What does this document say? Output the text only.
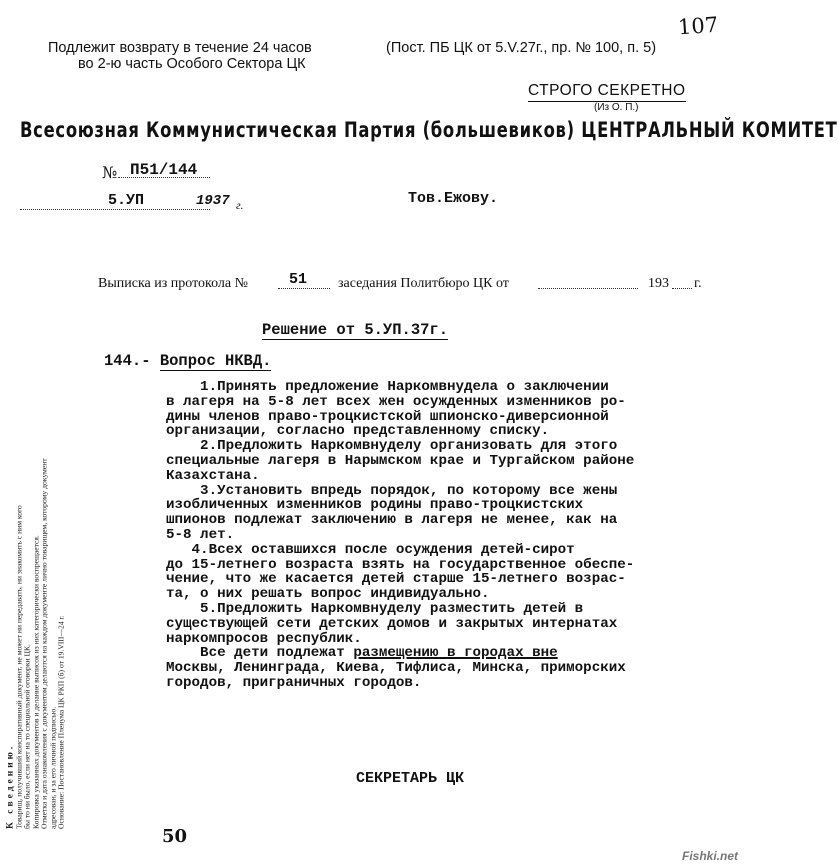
107
Подлежит возврату в течение 24 часов
во 2-ю часть Особого Сектора ЦК
(Пост. ПБ ЦК от 5.V.27г., пр. № 100, п. 5)
СТРОГО СЕКРЕТНО
(Из О. П.)
Всесоюзная Коммунистическая Партия (большевиков) ЦЕНТРАЛЬНЫЙ КОМИТЕТ
№ П51/144
5.УП	1937 г.	Тов.Ежову.
Выписка из протокола №	51 заседания Политбюро ЦК от	193 г.
Решение от 5.УП.37г.
144.- Вопрос НКВД.
1.Принять предложение Наркомвнудела о заключении
в лагеря на 5-8 лет всех жен осужденных изменников ро-
дины членов право-троцкистской шпионско-диверсионной
организации, согласно представленному списку.
2.Предложить Наркомвнуделу организовать для этого
специальные лагеря в Нарымском крае и Тургайском районе
Казахстана.
3.Установить впредь порядок, по которому все жены
изобличенных изменников родины право-троцкистских
шпионов подлежат заключению в лагеря не менее, как на
5-8 лет.
4.Всех оставшихся после осуждения детей-сирот
до 15-летнего возраста взять на государственное обеспе-
чение, что же касается детей старше 15-летнего возрас-
та, о них решать вопрос индивидуально.
5.Предложить Наркомвнуделу разместить детей в
существующей сети детских домов и закрытых интернатах
наркомпросов республик.
Все дети подлежат размещению в городах вне
Москвы, Ленинграда, Киева, Тифлиса, Минска, приморских
городов, приграничных городов.
СЕКРЕТАРЬ ЦК
50
К сведению.
Товарищ, получивший конспиративный документ, не может ни передавать, ни знакомить с ним кого бы то ни было, если нет на то специальной оговорки ЦК. Копировка указанных документов и делание выписок из них категорически воспрещается. Отметка и дата ознакомления с документом делаются на каждом документе лично товарищем, которому документ адресован, и за его личной подписью. Основание: Постановление Пленума ЦК РКП (б) от 19.VIII—24 г.
Fishki.net
